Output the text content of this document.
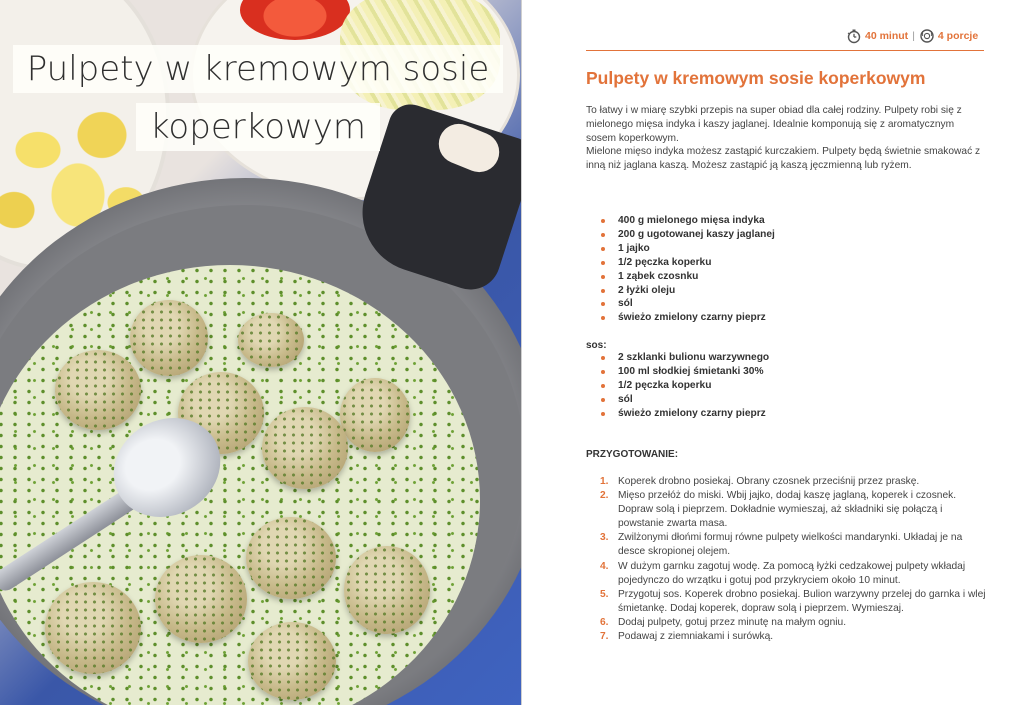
Pulpety w kremowym sosie
koperkowym
40 minut | 4 porcje
Pulpety w kremowym sosie koperkowym

To łatwy i w miarę szybki przepis na super obiad dla całej rodziny. Pulpety robi się z mielonego mięsa indyka i kaszy jaglanej. Idealnie komponują się z aromatycznym sosem koperkowym.

Mielone mięso indyka możesz zastąpić kurczakiem. Pulpety będą świetnie smakować z inną niż jaglana kaszą. Możesz zastąpić ją kaszą jęczmienną lub ryżem.

400 g mielonego mięsa indyka
200 g ugotowanej kaszy jaglanej
1 jajko
1/2 pęczka koperku
1 ząbek czosnku
2 łyżki oleju
sól
świeżo zmielony czarny pieprz
sos:
2 szklanki bulionu warzywnego
100 ml słodkiej śmietanki 30%
1/2 pęczka koperku
sól
świeżo zmielony czarny pieprz
PRZYGOTOWANIE:
1. Koperek drobno posiekaj. Obrany czosnek przeciśnij przez praskę.
2. Mięso przełóż do miski. Wbij jajko, dodaj kaszę jaglaną, koperek i czosnek. Dopraw solą i pieprzem. Dokładnie wymieszaj, aż składniki się połączą i powstanie zwarta masa.
3. Zwilżonymi dłońmi formuj równe pulpety wielkości mandarynki. Układaj je na desce skropionej olejem.
4. W dużym garnku zagotuj wodę. Za pomocą łyżki cedzakowej pulpety wkładaj pojedynczo do wrzątku i gotuj pod przykryciem około 10 minut.
5. Przygotuj sos. Koperek drobno posiekaj. Bulion warzywny przelej do garnka i wlej śmietankę. Dodaj koperek, dopraw solą i pieprzem. Wymieszaj.
6. Dodaj pulpety, gotuj przez minutę na małym ogniu.
7. Podawaj z ziemniakami i surówką.
